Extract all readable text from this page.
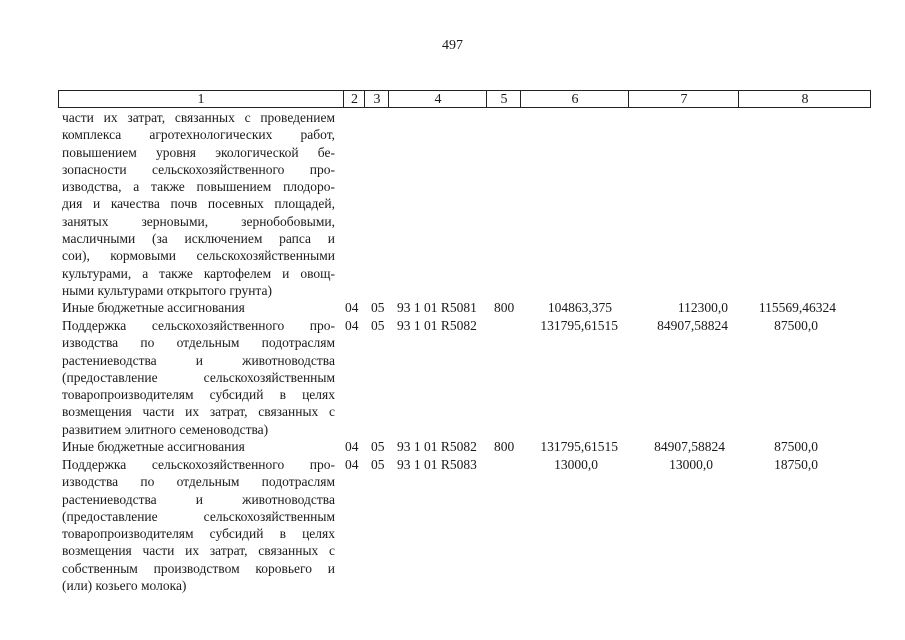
497
1	2	3	4	5	6	7	8
части их затрат, связанных с проведением
комплекса агротехнологических работ,
повышением уровня экологической бе-
зопасности сельскохозяйственного про-
изводства, а также повышением плодоро-
дия и качества почв посевных площадей,
занятых зерновыми, зернобобовыми,
масличными (за исключением рапса и
сои), кормовыми сельскохозяйственными
культурами, а также картофелем и овощ-
ными культурами открытого грунта)
Иные бюджетные ассигнования	04 05 93 1 01 R5081 800	104863,375	112300,0	115569,46324
Поддержка сельскохозяйственного про-
изводства по отдельным подотраслям
растениеводства и животноводства
(предоставление сельскохозяйственным
товаропроизводителям субсидий в целях
возмещения части их затрат, связанных с
развитием элитного семеноводства)
04 05 93 1 01 R5082	131795,61515	84907,58824	87500,0
Иные бюджетные ассигнования	04 05 93 1 01 R5082 800	131795,61515	84907,58824	87500,0
Поддержка сельскохозяйственного про-
изводства по отдельным подотраслям
растениеводства и животноводства
(предоставление сельскохозяйственным
товаропроизводителям субсидий в целях
возмещения части их затрат, связанных с
собственным производством коровьего и
(или) козьего молока)
04 05 93 1 01 R5083	13000,0	13000,0	18750,0
